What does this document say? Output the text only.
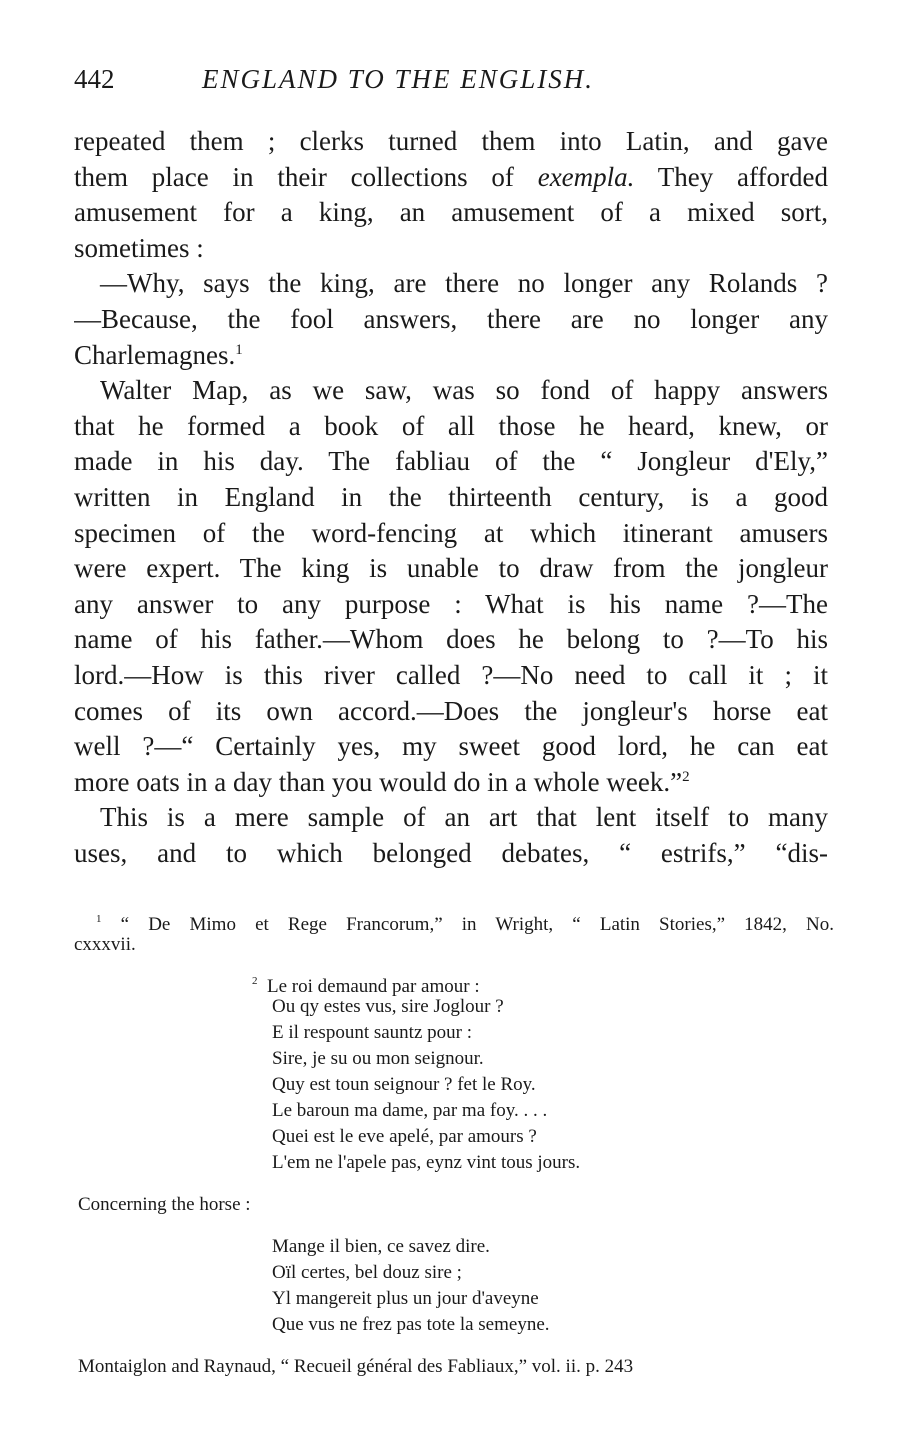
442	ENGLAND TO THE ENGLISH.
repeated them ; clerks turned them into Latin, and gave
them place in their collections of exempla. They afforded
amusement for a king, an amusement of a mixed sort,
sometimes :
—Why, says the king, are there no longer any Rolands ?
—Because, the fool answers, there are no longer any
Charlemagnes.$^1$
Walter Map, as we saw, was so fond of happy answers
that he formed a book of all those he heard, knew, or
made in his day. The fabliau of the “ Jongleur d'Ely,”
written in England in the thirteenth century, is a good
specimen of the word-fencing at which itinerant amusers
were expert. The king is unable to draw from the jongleur
any answer to any purpose : What is his name ?—The
name of his father.—Whom does he belong to ?—To his
lord.—How is this river called ?—No need to call it ; it
comes of its own accord.—Does the jongleur's horse eat
well ?—“ Certainly yes, my sweet good lord, he can eat
more oats in a day than you would do in a whole week.”$^2$
This is a mere sample of an art that lent itself to many
uses, and to which belonged debates, “ estrifs,” “dis-
$^1$ “ De Mimo et Rege Francorum,” in Wright, “ Latin Stories,” 1842, No.
cxxxvii.
$^2$ Le roi demaund par amour :
Ou qy estes vus, sire Joglour ?
E il respount sauntz pour :
Sire, je su ou mon seignour.
Quy est toun seignour ? fet le Roy.
Le baroun ma dame, par ma foy. . . .
Quei est le eve apelé, par amours ?
L'em ne l'apele pas, eynz vint tous jours.
Concerning the horse :
Mange il bien, ce savez dire.
Oïl certes, bel douz sire ;
Yl mangereit plus un jour d'aveyne
Que vus ne frez pas tote la semeyne.
Montaiglon and Raynaud, “ Recueil général des Fabliaux,” vol. ii. p. 243
